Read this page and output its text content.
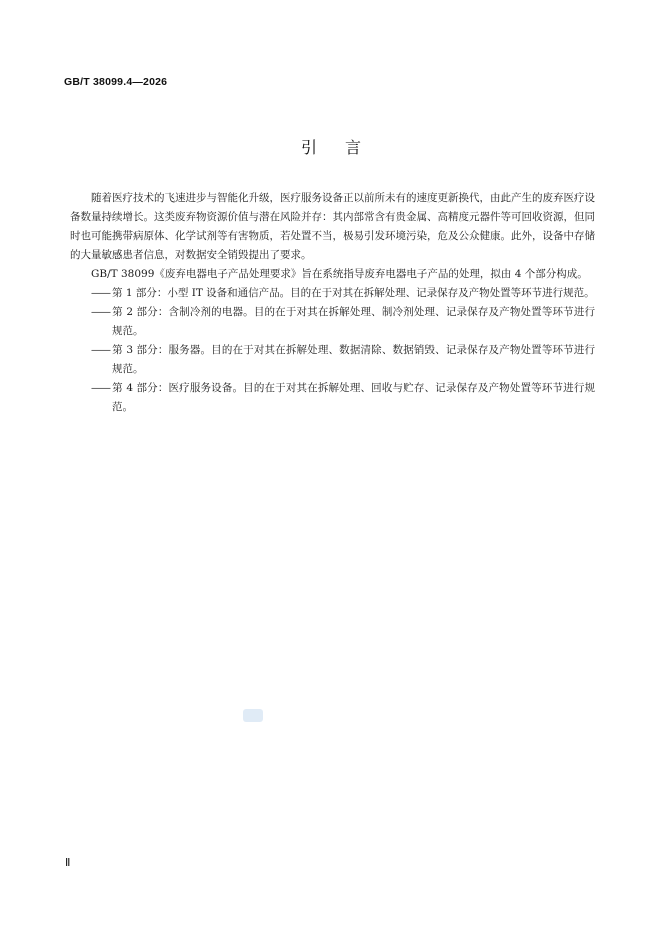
GB/T 38099.4—2026
引言

随着医疗技术的飞速进步与智能化升级，医疗服务设备正以前所未有的速度更新换代，由此产生的废弃医疗设备数量持续增长。这类废弃物资源价值与潜在风险并存：其内部常含有贵金属、高精度元器件等可回收资源，但同时也可能携带病原体、化学试剂等有害物质，若处置不当，极易引发环境污染，危及公众健康。此外，设备中存储的大量敏感患者信息，对数据安全销毁提出了要求。

GB/T 38099《废弃电器电子产品处理要求》旨在系统指导废弃电器电子产品的处理，拟由 4 个部分构成。

—— 第 1 部分：小型 IT 设备和通信产品。目的在于对其在拆解处理、记录保存及产物处置等环节进行规范。

—— 第 2 部分：含制冷剂的电器。目的在于对其在拆解处理、制冷剂处理、记录保存及产物处置等环节进行规范。

—— 第 3 部分：服务器。目的在于对其在拆解处理、数据清除、数据销毁、记录保存及产物处置等环节进行规范。

—— 第 4 部分：医疗服务设备。目的在于对其在拆解处理、回收与贮存、记录保存及产物处置等环节进行规范。

Ⅱ
